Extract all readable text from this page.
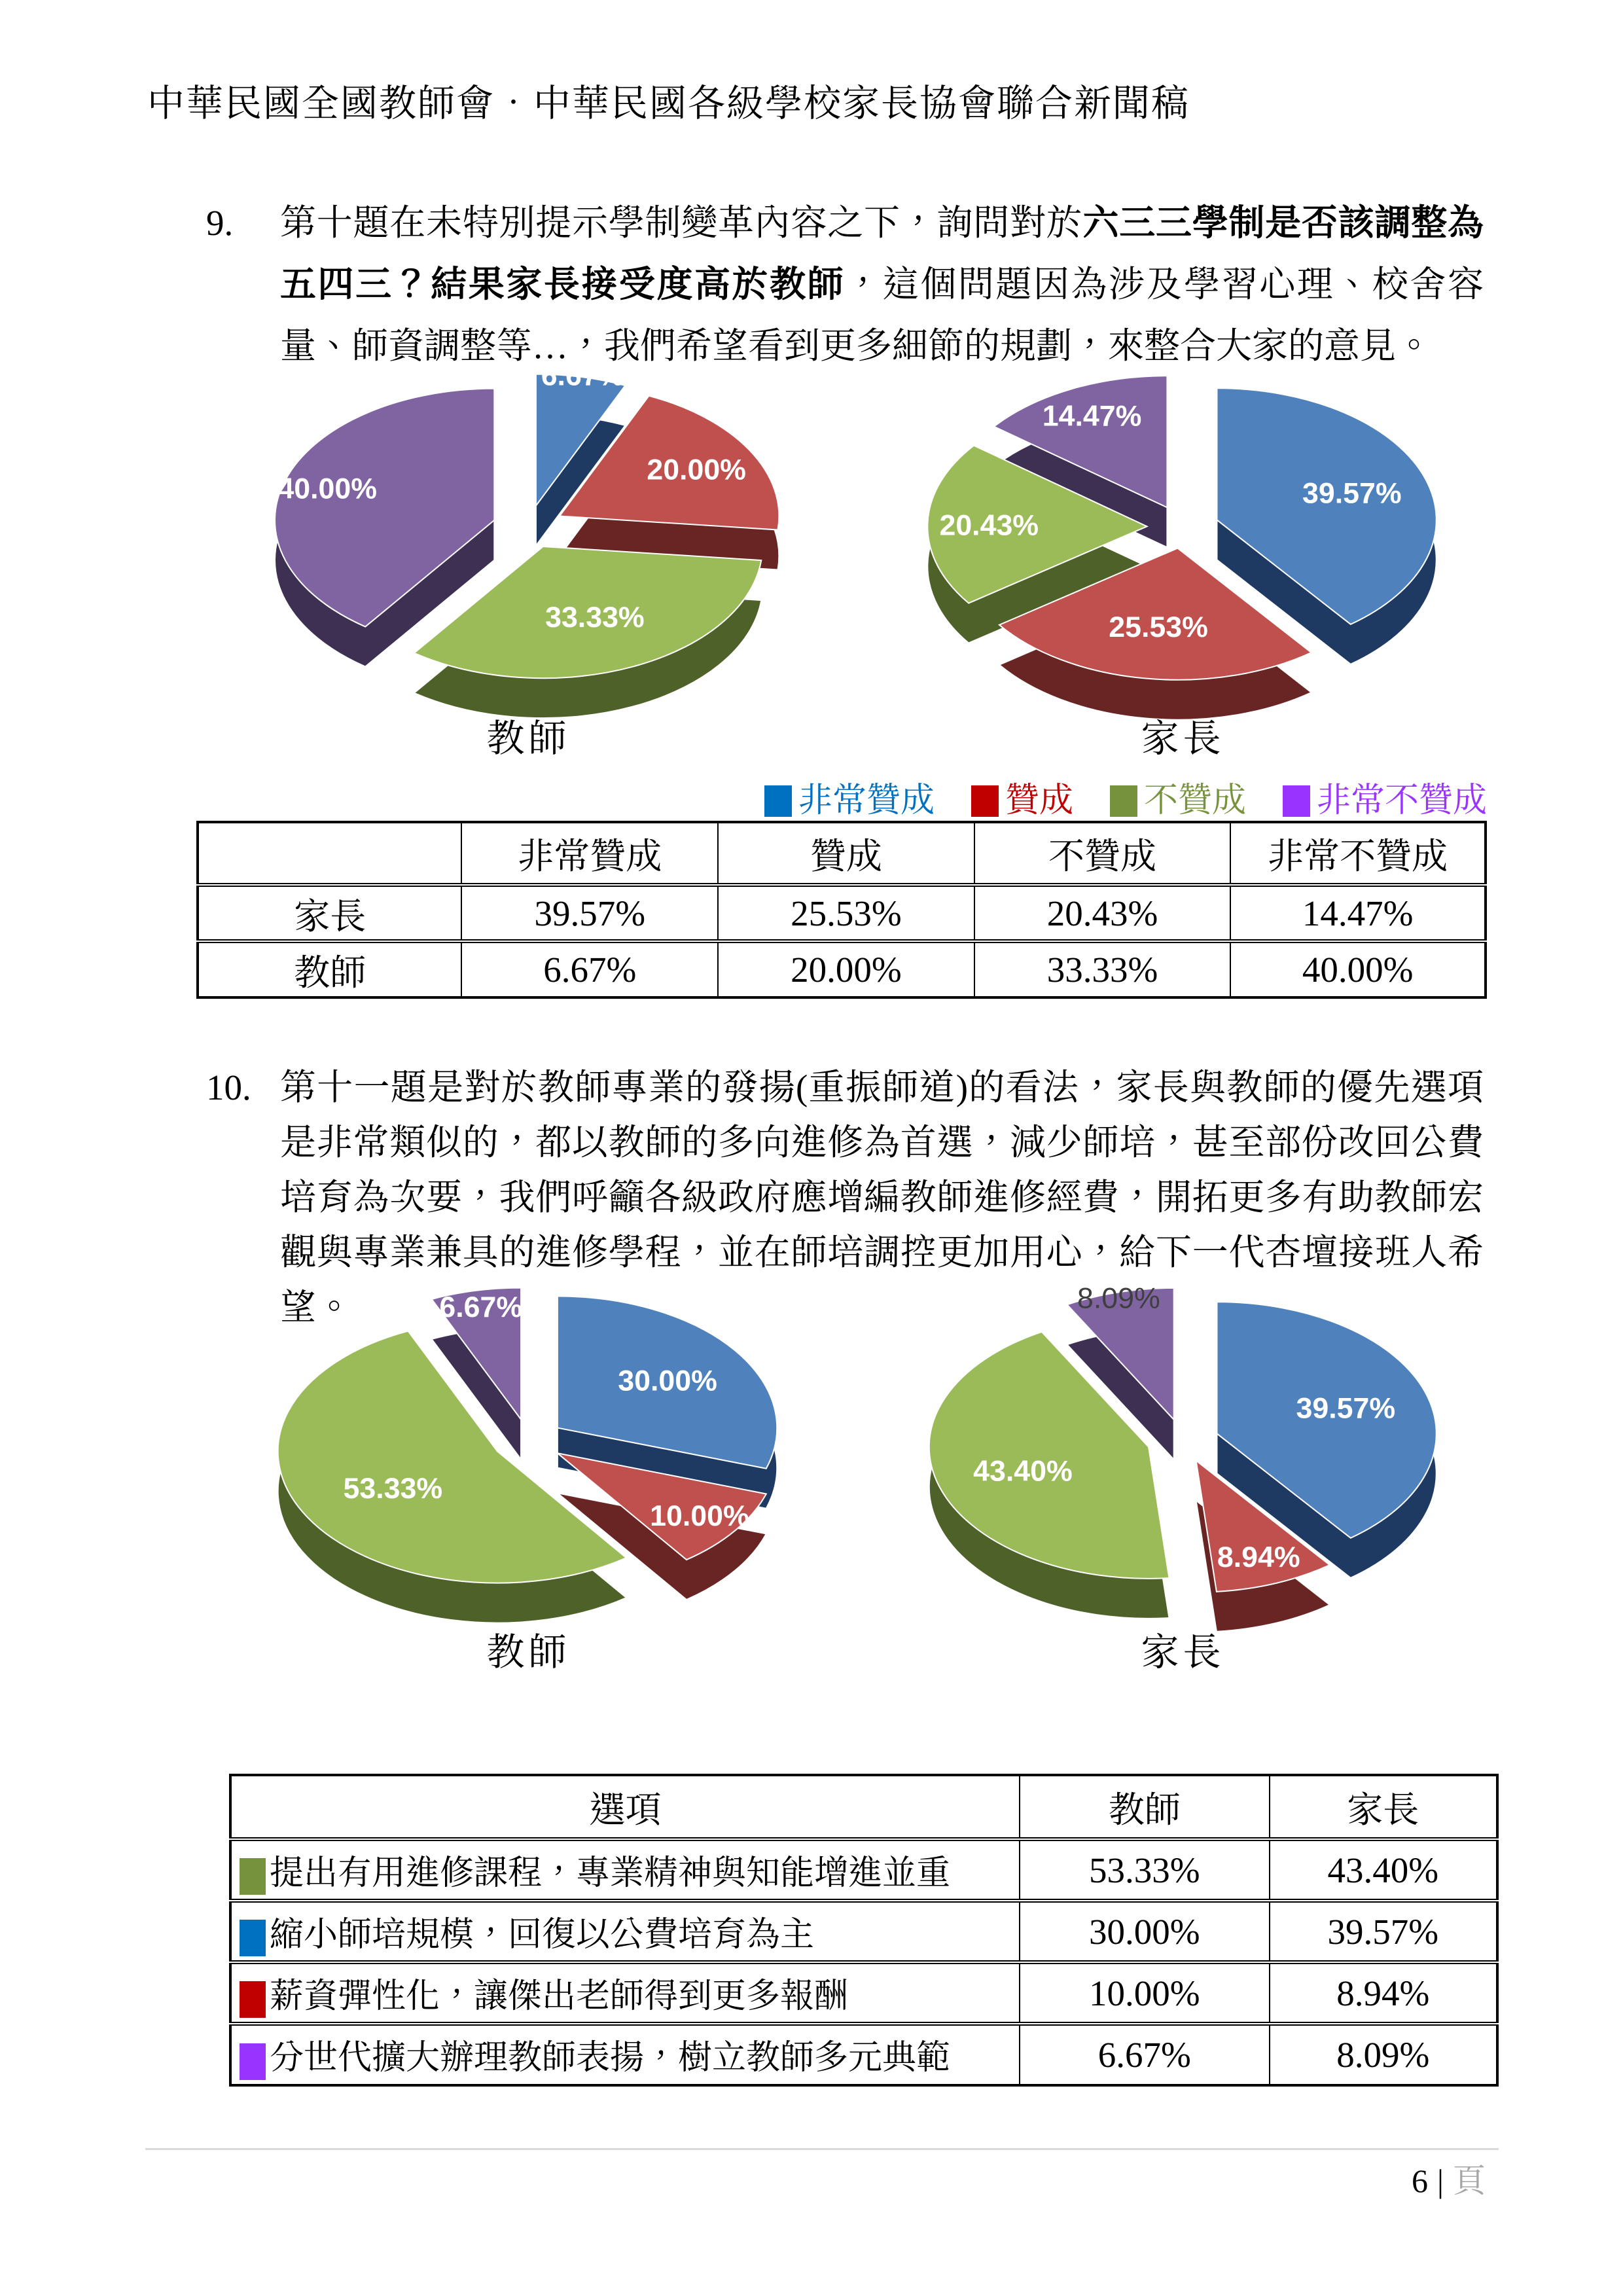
中華民國全國教師會‧中華民國各級學校家長協會聯合新聞稿
9.	第十題在未特別提示學制變革內容之下，詢問對於六三三學制是否該調整為五四三？結果家長接受度高於教師，這個問題因為涉及學習心理、校舍容量、師資調整等…，我們希望看到更多細節的規劃，來整合大家的意見。
6.67%
20.00%
33.33%
40.00%
教師
39.57%
25.53%
20.43%
14.47%
家長
非常贊成	贊成	不贊成	非常不贊成
	非常贊成	贊成	不贊成	非常不贊成
家長	39.57%	25.53%	20.43%	14.47%
教師	6.67%	20.00%	33.33%	40.00%
10. 第十一題是對於教師專業的發揚(重振師道)的看法，家長與教師的優先選項是非常類似的，都以教師的多向進修為首選，減少師培，甚至部份改回公費培育為次要，我們呼籲各級政府應增編教師進修經費，開拓更多有助教師宏觀與專業兼具的進修學程，並在師培調控更加用心，給下一代杏壇接班人希望。
30.00%
10.00%
53.33%
6.67%
教師
39.57%
8.94%
43.40%
8.09%
家長
選項	教師	家長
提出有用進修課程，專業精神與知能增進並重	53.33%	43.40%
縮小師培規模，回復以公費培育為主	30.00%	39.57%
薪資彈性化，讓傑出老師得到更多報酬	10.00%	8.94%
分世代擴大辦理教師表揚，樹立教師多元典範	6.67%	8.09%
6 | 頁
